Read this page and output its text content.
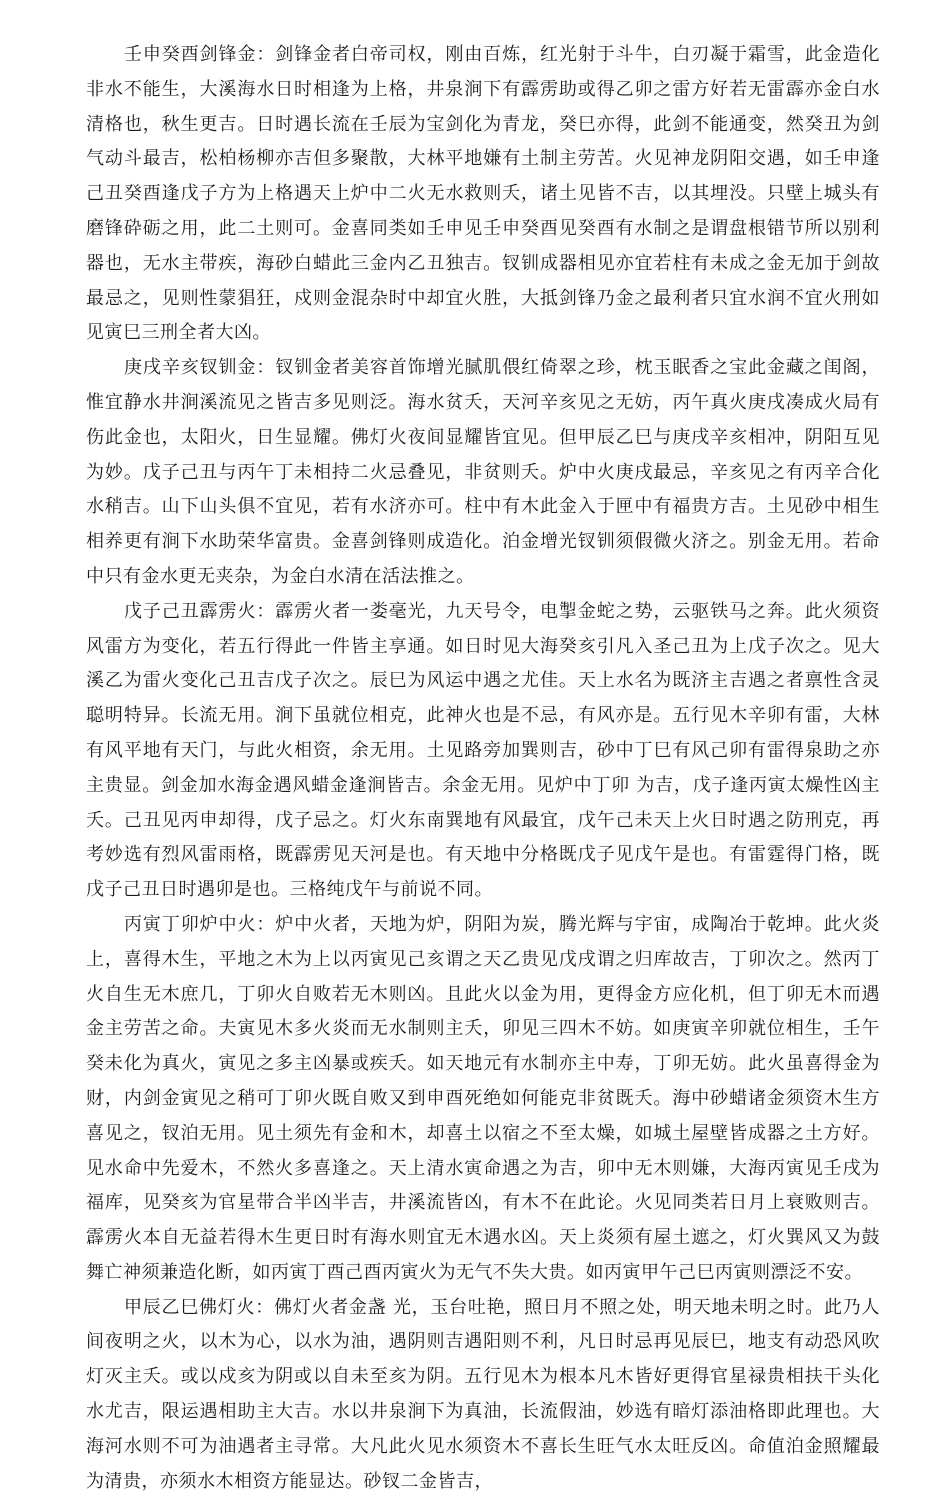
壬申癸酉剑锋金：剑锋金者白帝司权，刚由百炼，红光射于斗牛，白刃凝于霜雪，此金造化非水不能生，大溪海水日时相逢为上格，井泉涧下有霹雳助或得乙卯之雷方好若无雷霹亦金白水清格也，秋生更吉。日时遇长流在壬辰为宝剑化为青龙，癸巳亦得，此剑不能通变，然癸丑为剑气动斗最吉，松柏杨柳亦吉但多聚散，大林平地嫌有土制主劳苦。火见神龙阴阳交遇，如壬申逢己丑癸酉逢戊子方为上格遇天上炉中二火无水救则夭，诸土见皆不吉，以其埋没。只壁上城头有磨锋砕砺之用，此二土则可。金喜同类如壬申见壬申癸酉见癸酉有水制之是谓盘根错节所以别利器也，无水主带疾，海砂白蜡此三金内乙丑独吉。钗钏成器相见亦宜若柱有未成之金无加于剑故最忌之，见则性蒙猖狂，戍则金混杂时中却宜火胜，大抵剑锋乃金之最利者只宜水润不宜火刑如见寅巳三刑全者大凶。

庚戌辛亥钗钏金：钗钏金者美容首饰增光腻肌偎红倚翠之珍，枕玉眠香之宝此金藏之闺阁，惟宜静水井涧溪流见之皆吉多见则泛。海水贫夭，天河辛亥见之无妨，丙午真火庚戌凑成火局有伤此金也，太阳火，日生显耀。佛灯火夜间显耀皆宜见。但甲辰乙巳与庚戌辛亥相冲，阴阳互见为妙。戊子己丑与丙午丁未相持二火忌叠见，非贫则夭。炉中火庚戌最忌，辛亥见之有丙辛合化水稍吉。山下山头俱不宜见，若有水济亦可。柱中有木此金入于匣中有福贵方吉。土见砂中相生相养更有涧下水助荣华富贵。金喜剑锋则成造化。泊金增光钗钏须假微火济之。别金无用。若命中只有金水更无夹杂，为金白水清在活法推之。

戊子己丑霹雳火：霹雳火者一娄毫光，九天号令，电掣金蛇之势，云驱铁马之奔。此火须资风雷方为变化，若五行得此一件皆主享通。如日时见大海癸亥引凡入圣己丑为上戊子次之。见大溪乙为雷火变化己丑吉戊子次之。辰巳为风运中遇之尤佳。天上水名为既济主吉遇之者禀性含灵聪明特异。长流无用。涧下虽就位相克，此神火也是不忌，有风亦是。五行见木辛卯有雷，大林有风平地有天门，与此火相资，余无用。土见路旁加巽则吉，砂中丁巳有风己卯有雷得泉助之亦主贵显。剑金加水海金遇风蜡金逢涧皆吉。余金无用。见炉中丁卯 为吉，戊子逢丙寅太燥性凶主夭。己丑见丙申却得，戊子忌之。灯火东南巽地有风最宜，戊午己未天上火日时遇之防刑克，再考妙选有烈风雷雨格，既霹雳见天河是也。有天地中分格既戊子见戊午是也。有雷霆得门格，既戊子己丑日时遇卯是也。三格纯戊午与前说不同。

丙寅丁卯炉中火：炉中火者，天地为炉，阴阳为炭，腾光辉与宇宙，成陶冶于乾坤。此火炎上，喜得木生，平地之木为上以丙寅见己亥谓之天乙贵见戊戌谓之归库故吉，丁卯次之。然丙丁火自生无木庶几，丁卯火自败若无木则凶。且此火以金为用，更得金方应化机，但丁卯无木而遇金主劳苦之命。夫寅见木多火炎而无水制则主夭，卯见三四木不妨。如庚寅辛卯就位相生，壬午癸未化为真火，寅见之多主凶暴或疾夭。如天地元有水制亦主中寿，丁卯无妨。此火虽喜得金为财，内剑金寅见之稍可丁卯火既自败又到申酉死绝如何能克非贫既夭。海中砂蜡诸金须资木生方喜见之，钗泊无用。见土须先有金和木，却喜土以宿之不至太燥，如城土屋壁皆成器之土方好。见水命中先爱木，不然火多喜逢之。天上清水寅命遇之为吉，卯中无木则嫌，大海丙寅见壬戌为福库，见癸亥为官星带合半凶半吉，井溪流皆凶，有木不在此论。火见同类若日月上衰败则吉。霹雳火本自无益若得木生更日时有海水则宜无木遇水凶。天上炎须有屋土遮之，灯火巽风又为鼓舞亡神须兼造化断，如丙寅丁酉己酉丙寅火为无气不失大贵。如丙寅甲午己巳丙寅则漂泛不安。

甲辰乙巳佛灯火：佛灯火者金盏 光，玉台吐艳，照日月不照之处，明天地未明之时。此乃人间夜明之火，以木为心，以水为油，遇阴则吉遇阳则不利，凡日时忌再见辰巳，地支有动恐风吹灯灭主夭。或以戍亥为阴或以自未至亥为阴。五行见木为根本凡木皆好更得官星禄贵相扶干头化水尤吉，限运遇相助主大吉。水以井泉涧下为真油，长流假油，妙选有暗灯添油格即此理也。大海河水则不可为油遇者主寻常。大凡此火见水须资木不喜长生旺气水太旺反凶。命值泊金照耀最为清贵，亦须水木相资方能显达。砂钗二金皆吉，
